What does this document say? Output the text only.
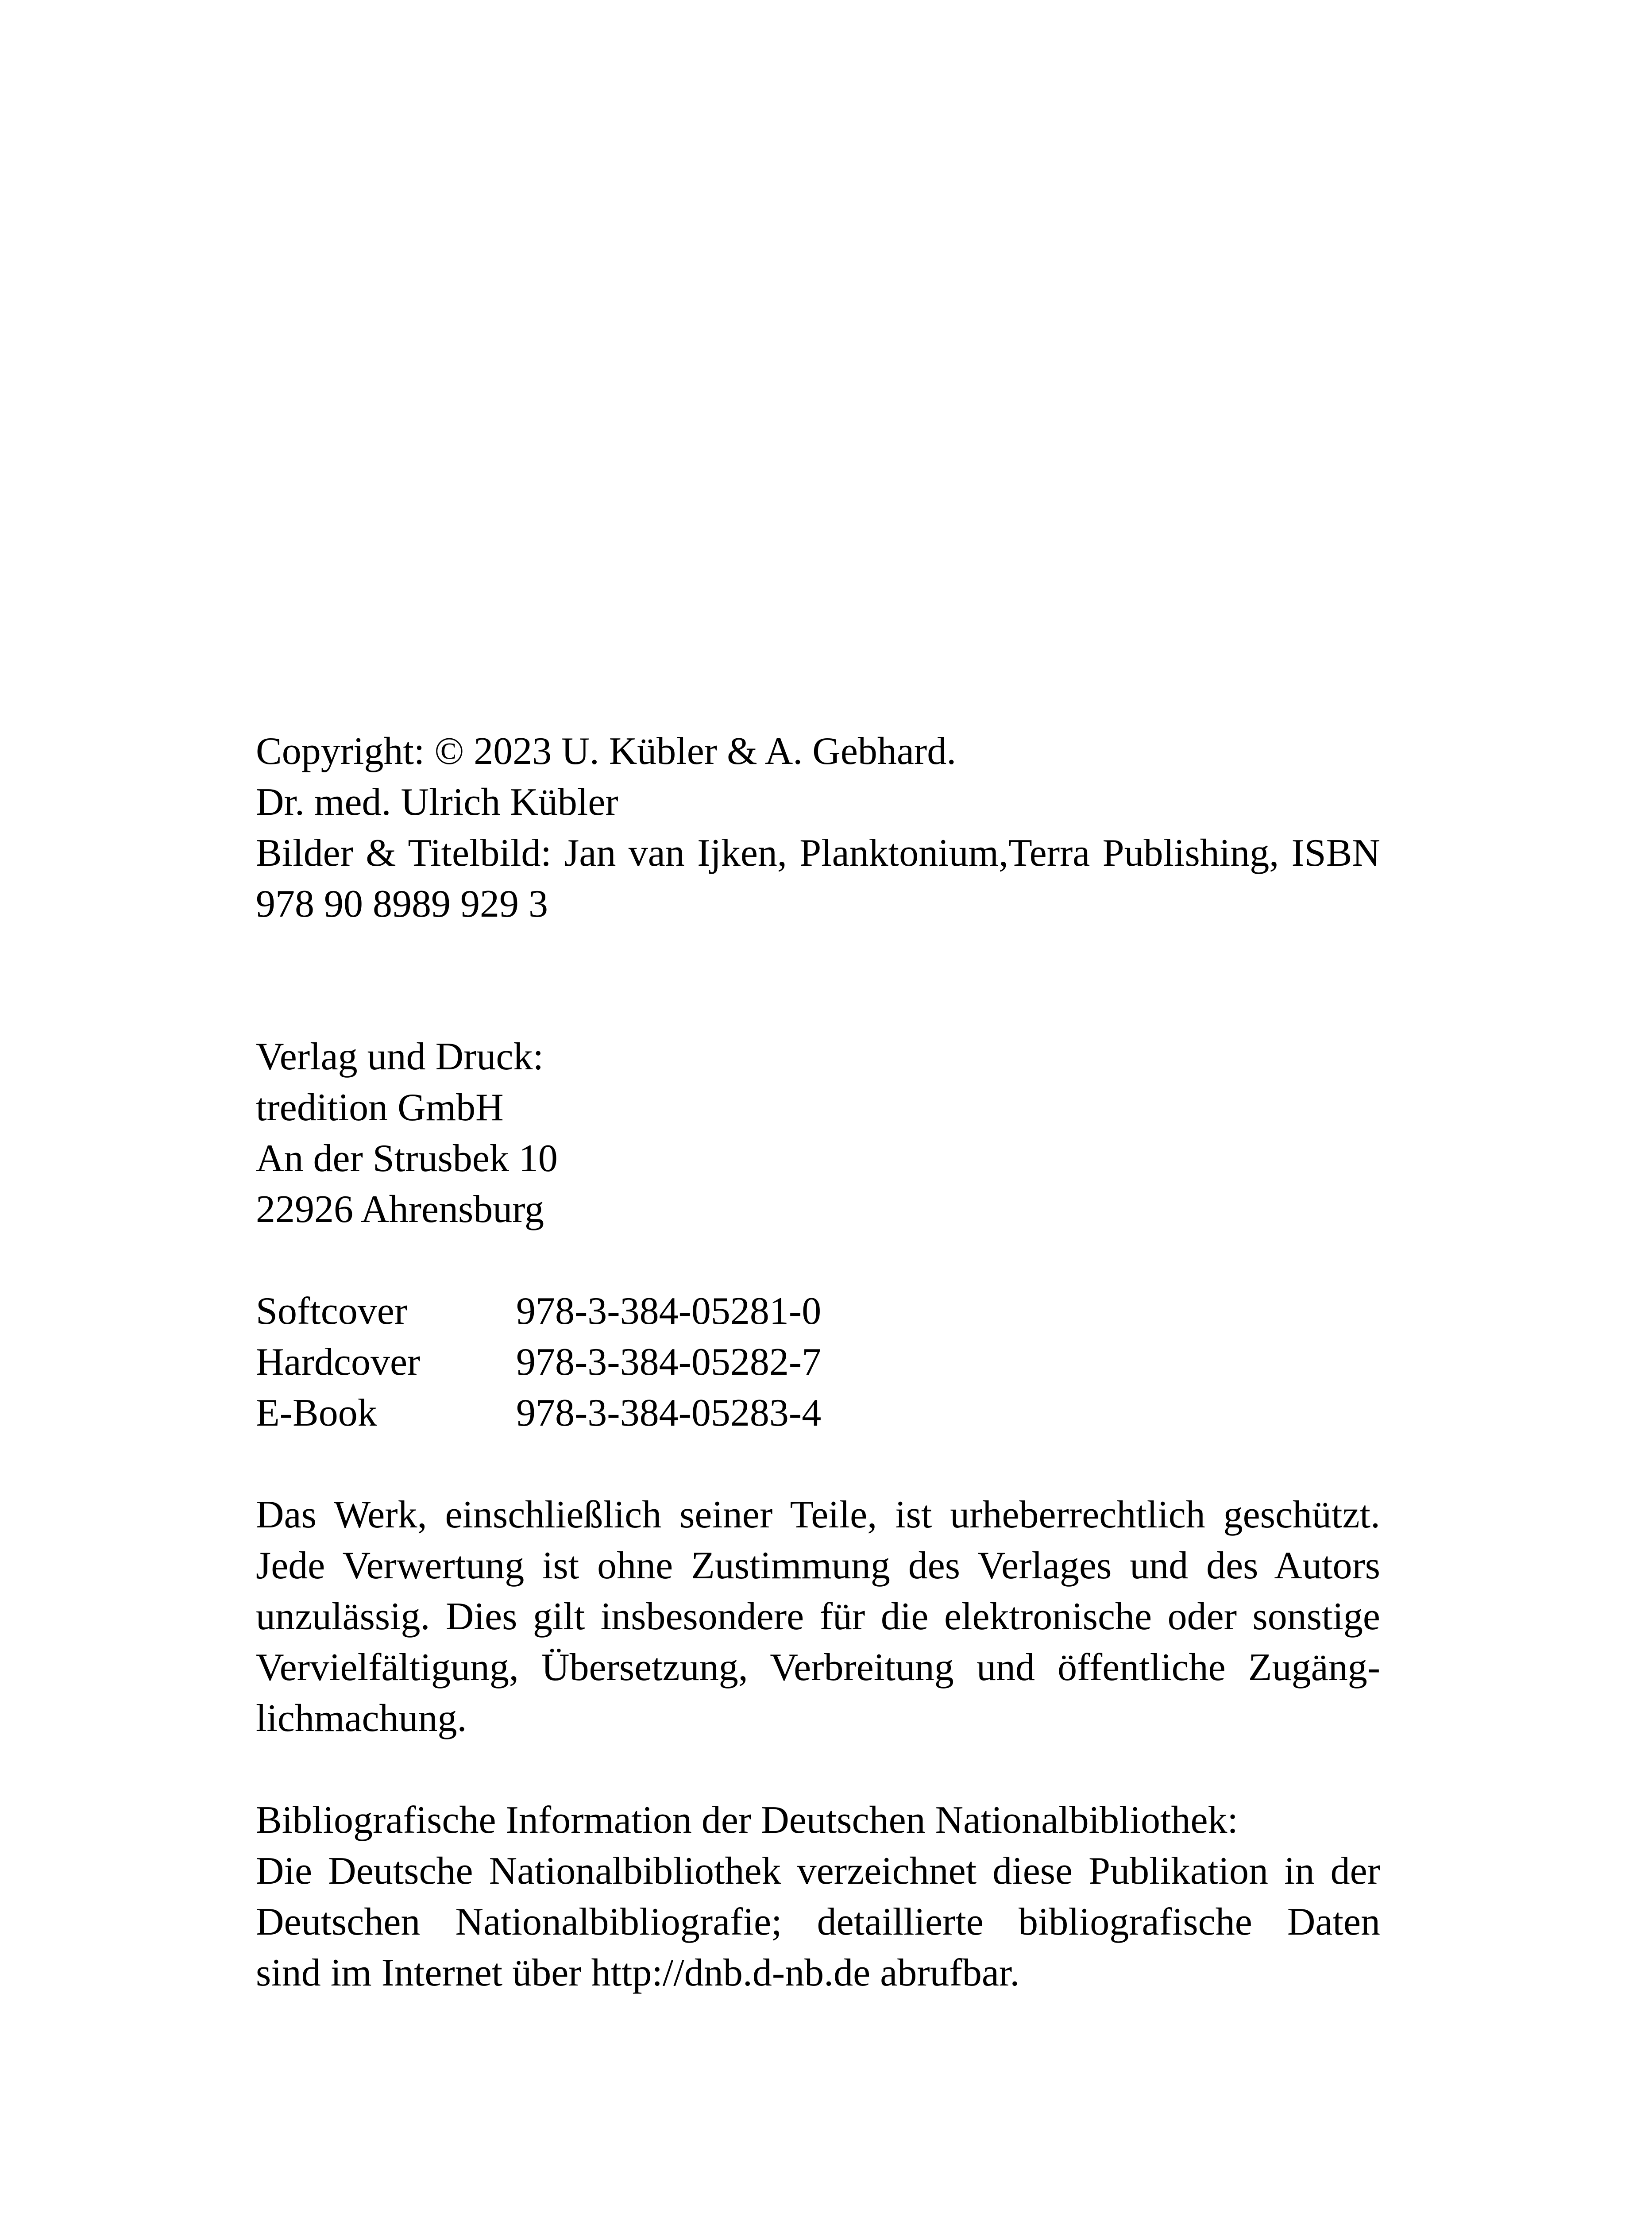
Copyright: © 2023 U. Kübler & A. Gebhard.
Dr. med. Ulrich Kübler
Bilder & Titelbild: Jan van Ijken, Planktonium,Terra Publishing, ISBN
978 90 8989 929 3
Verlag und Druck:
tredition GmbH
An der Strusbek 10
22926 Ahrensburg
Softcover	978-3-384-05281-0
Hardcover	978-3-384-05282-7
E-Book	978-3-384-05283-4
Das Werk, einschließlich seiner Teile, ist urheberrechtlich geschützt.
Jede Verwertung ist ohne Zustimmung des Verlages und des Autors
unzulässig. Dies gilt insbesondere für die elektronische oder sonstige
Vervielfältigung, Übersetzung, Verbreitung und öffentliche Zugäng-
lichmachung.
Bibliografische Information der Deutschen Nationalbibliothek:
Die Deutsche Nationalbibliothek verzeichnet diese Publikation in der
Deutschen Nationalbibliografie; detaillierte bibliografische Daten
sind im Internet über http://dnb.d-nb.de abrufbar.
